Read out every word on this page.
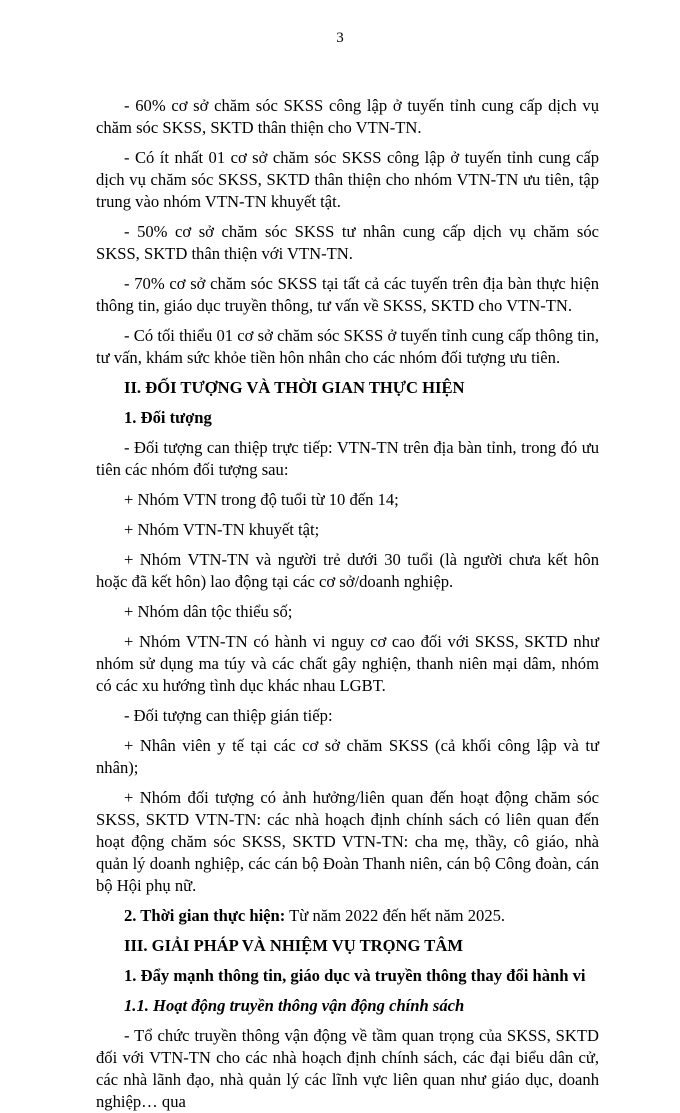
3

- 60% cơ sở chăm sóc SKSS công lập ở tuyến tỉnh cung cấp dịch vụ chăm sóc SKSS, SKTD thân thiện cho VTN-TN.

- Có ít nhất 01 cơ sở chăm sóc SKSS công lập ở tuyến tỉnh cung cấp dịch vụ chăm sóc SKSS, SKTD thân thiện cho nhóm VTN-TN ưu tiên, tập trung vào nhóm VTN-TN khuyết tật.

- 50% cơ sở chăm sóc SKSS tư nhân cung cấp dịch vụ chăm sóc SKSS, SKTD thân thiện với VTN-TN.

- 70% cơ sở chăm sóc SKSS tại tất cả các tuyến trên địa bàn thực hiện thông tin, giáo dục truyền thông, tư vấn về SKSS, SKTD cho VTN-TN.

- Có tối thiểu 01 cơ sở chăm sóc SKSS ở tuyến tỉnh cung cấp thông tin, tư vấn, khám sức khỏe tiền hôn nhân cho các nhóm đối tượng ưu tiên.

II. ĐỐI TƯỢNG VÀ THỜI GIAN THỰC HIỆN

1. Đối tượng

- Đối tượng can thiệp trực tiếp: VTN-TN trên địa bàn tỉnh, trong đó ưu tiên các nhóm đối tượng sau:

+ Nhóm VTN trong độ tuổi từ 10 đến 14;

+ Nhóm VTN-TN khuyết tật;

+ Nhóm VTN-TN và người trẻ dưới 30 tuổi (là người chưa kết hôn hoặc đã kết hôn) lao động tại các cơ sở/doanh nghiệp.

+ Nhóm dân tộc thiểu số;

+ Nhóm VTN-TN có hành vi nguy cơ cao đối với SKSS, SKTD như nhóm sử dụng ma túy và các chất gây nghiện, thanh niên mại dâm, nhóm có các xu hướng tình dục khác nhau LGBT.

- Đối tượng can thiệp gián tiếp:

+ Nhân viên y tế tại các cơ sở chăm SKSS (cả khối công lập và tư nhân);

+ Nhóm đối tượng có ảnh hưởng/liên quan đến hoạt động chăm sóc SKSS, SKTD VTN-TN: các nhà hoạch định chính sách có liên quan đến hoạt động chăm sóc SKSS, SKTD VTN-TN: cha mẹ, thầy, cô giáo, nhà quản lý doanh nghiệp, các cán bộ Đoàn Thanh niên, cán bộ Công đoàn, cán bộ Hội phụ nữ.

2. Thời gian thực hiện: Từ năm 2022 đến hết năm 2025.

III. GIẢI PHÁP VÀ NHIỆM VỤ TRỌNG TÂM

1. Đẩy mạnh thông tin, giáo dục và truyền thông thay đổi hành vi

1.1. Hoạt động truyền thông vận động chính sách

- Tổ chức truyền thông vận động về tầm quan trọng của SKSS, SKTD đối với VTN-TN cho các nhà hoạch định chính sách, các đại biểu dân cử, các nhà lãnh đạo, nhà quản lý các lĩnh vực liên quan như giáo dục, doanh nghiệp… qua
